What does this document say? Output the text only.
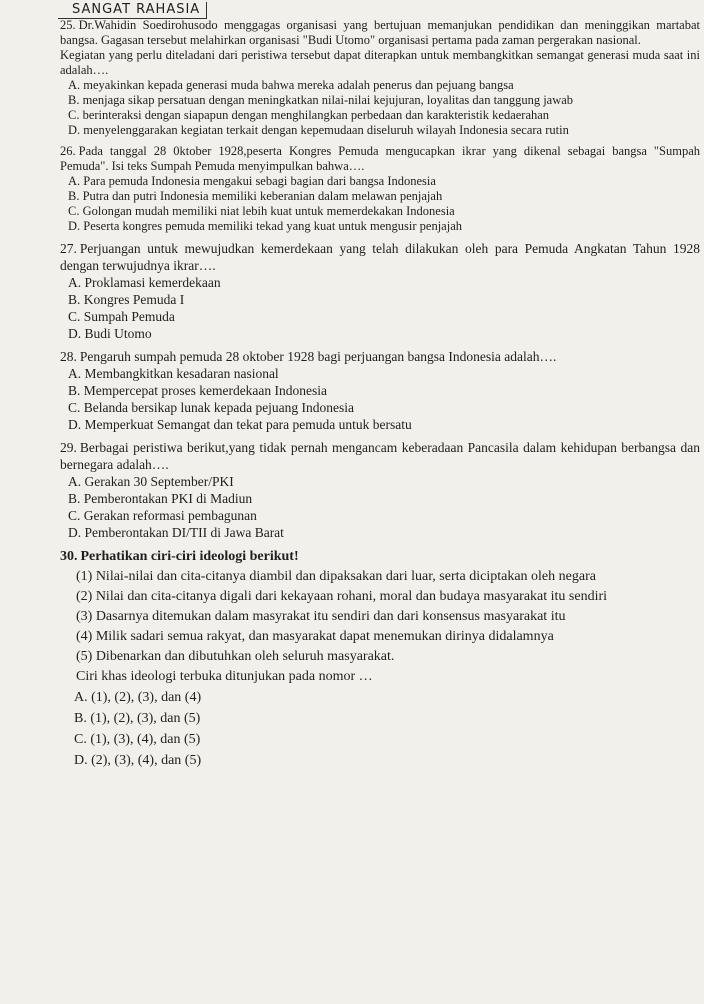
SANGAT RAHASIA
25. Dr.Wahidin Soedirohusodo menggagas organisasi yang bertujuan memanjukan pendidikan dan meninggikan martabat bangsa. Gagasan tersebut melahirkan organisasi "Budi Utomo" organisasi pertama pada zaman pergerakan nasional.
Kegiatan yang perlu diteladani dari peristiwa tersebut dapat diterapkan untuk membangkitkan semangat generasi muda saat ini adalah….
A. meyakinkan kepada generasi muda bahwa mereka adalah penerus dan pejuang bangsa
B. menjaga sikap persatuan dengan meningkatkan nilai-nilai kejujuran, loyalitas dan tanggung jawab
C. berinteraksi dengan siapapun dengan menghilangkan perbedaan dan karakteristik kedaerahan
D. menyelenggarakan kegiatan terkait dengan kepemudaan diseluruh wilayah Indonesia secara rutin
26. Pada tanggal 28 0ktober 1928,peserta Kongres Pemuda mengucapkan ikrar yang dikenal sebagai bangsa "Sumpah Pemuda". Isi teks Sumpah Pemuda menyimpulkan bahwa….
A. Para pemuda Indonesia mengakui sebagi bagian dari bangsa Indonesia
B. Putra dan putri Indonesia memiliki keberanian dalam melawan penjajah
C. Golongan mudah memiliki niat lebih kuat untuk memerdekakan Indonesia
D. Peserta kongres pemuda memiliki tekad yang kuat untuk mengusir penjajah
27. Perjuangan untuk mewujudkan kemerdekaan yang telah dilakukan oleh para Pemuda Angkatan Tahun 1928 dengan terwujudnya ikrar….
A. Proklamasi kemerdekaan
B. Kongres Pemuda I
C. Sumpah Pemuda
D. Budi Utomo
28. Pengaruh sumpah pemuda 28 oktober 1928 bagi perjuangan bangsa Indonesia adalah….
A. Membangkitkan kesadaran nasional
B. Mempercepat proses kemerdekaan Indonesia
C. Belanda bersikap lunak kepada pejuang Indonesia
D. Memperkuat Semangat dan tekat para pemuda untuk bersatu
29. Berbagai peristiwa berikut,yang tidak pernah mengancam keberadaan Pancasila dalam kehidupan berbangsa dan bernegara adalah….
A. Gerakan 30 September/PKI
B. Pemberontakan PKI di Madiun
C. Gerakan reformasi pembagunan
D. Pemberontakan DI/TII di Jawa Barat
30. Perhatikan ciri-ciri ideologi berikut!
(1) Nilai-nilai dan cita-citanya diambil dan dipaksakan dari luar, serta diciptakan oleh negara
(2) Nilai dan cita-citanya digali dari kekayaan rohani, moral dan budaya masyarakat itu sendiri
(3) Dasarnya ditemukan dalam masyrakat itu sendiri dan dari konsensus masyarakat itu
(4) Milik sadari semua rakyat, dan masyarakat dapat menemukan dirinya didalamnya
(5) Dibenarkan dan dibutuhkan oleh seluruh masyarakat.
Ciri khas ideologi terbuka ditunjukan pada nomor …
A. (1), (2), (3), dan (4)
B. (1), (2), (3), dan (5)
C. (1), (3), (4), dan (5)
D. (2), (3), (4), dan (5)
